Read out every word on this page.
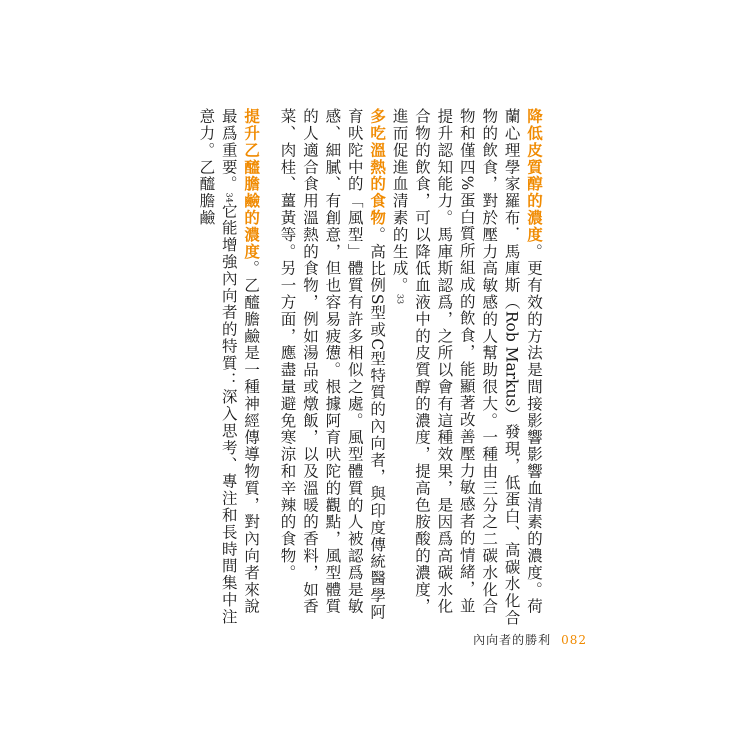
降低皮質醇的濃度。更有效的方法是間接影響影響血清素的濃度。荷蘭心理學家羅布．馬庫斯（Rob Markus）發現，低蛋白、高碳水化合物的飲食，對於壓力高敏感的人幫助很大。一種由三分之二碳水化合物和僅四%蛋白質所組成的飲食，能顯著改善壓力敏感者的情緒，並提升認知能力。馬庫斯認爲，之所以會有這種效果，是因爲高碳水化合物的飲食，可以降低血液中的皮質醇的濃度，提高色胺酸的濃度，進而促進血清素的生成。33

多吃溫熱的食物。高比例S型或C型特質的內向者，與印度傳統醫學阿育吠陀中的「風型」體質有許多相似之處。風型體質的人被認爲是敏感、細膩、有創意，但也容易疲憊。根據阿育吠陀的觀點，風型體質的人適合食用溫熱的食物，例如湯品或燉飯，以及溫暖的香料，如香菜、肉桂、薑黃等。另一方面，應盡量避免寒涼和辛辣的食物。

提升乙醯膽鹼的濃度。乙醯膽鹼是一種神經傳導物質，對內向者來說最爲重要。34它能增強內向者的特質：深入思考、專注和長時間集中注意力。乙醯膽鹼

內向者的勝利 082
